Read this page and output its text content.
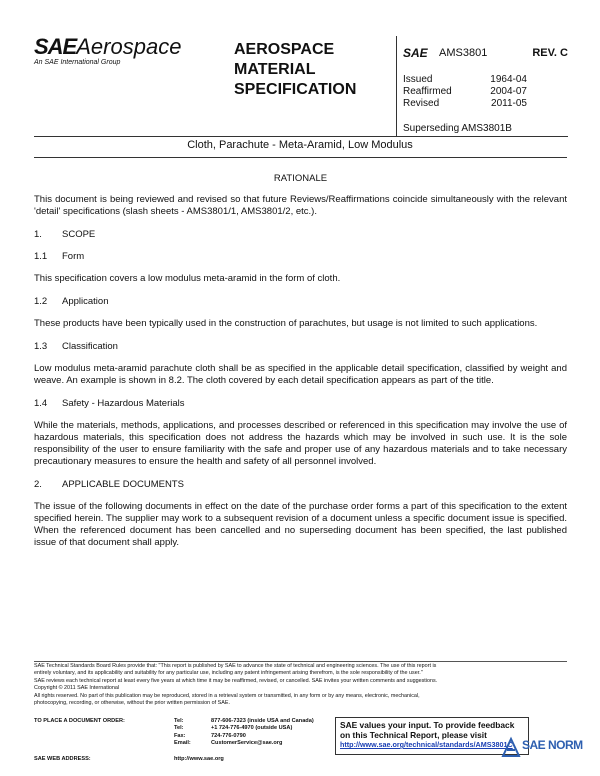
SAEAerospace
An SAE International Group
AEROSPACE
MATERIAL
SPECIFICATION
SAE AMS3801	REV. C
Issued	1964-04
Reaffirmed	2004-07
Revised	2011-05
Superseding AMS3801B
Cloth, Parachute - Meta-Aramid, Low Modulus
RATIONALE

This document is being reviewed and revised so that future Reviews/Reaffirmations coincide simultaneously with the relevant 'detail' specifications (slash sheets - AMS3801/1, AMS3801/2, etc.).

1.	SCOPE
1.1	Form

This specification covers a low modulus meta-aramid in the form of cloth.

1.2	Application

These products have been typically used in the construction of parachutes, but usage is not limited to such applications.

1.3	Classification

Low modulus meta-aramid parachute cloth shall be as specified in the applicable detail specification, classified by weight and weave. An example is shown in 8.2. The cloth covered by each detail specification appears as part of the title.

1.4	Safety - Hazardous Materials

While the materials, methods, applications, and processes described or referenced in this specification may involve the use of hazardous materials, this specification does not address the hazards which may be involved in such use. It is the sole responsibility of the user to ensure familiarity with the safe and proper use of any hazardous materials and to take necessary precautionary measures to ensure the health and safety of all personnel involved.

2.	APPLICABLE DOCUMENTS

The issue of the following documents in effect on the date of the purchase order forms a part of this specification to the extent specified herein. The supplier may work to a subsequent revision of a document unless a specific document issue is specified. When the referenced document has been cancelled and no superseding document has been specified, the last published issue of that document shall apply.

SAE Technical Standards Board Rules provide that: "This report is published by SAE to advance the state of technical and engineering sciences. The use of this report is
entirely voluntary, and its applicability and suitability for any particular use, including any patent infringement arising therefrom, is the sole responsibility of the user."
SAE reviews each technical report at least every five years at which time it may be reaffirmed, revised, or cancelled. SAE invites your written comments and suggestions.
Copyright © 2011 SAE International
All rights reserved. No part of this publication may be reproduced, stored in a retrieval system or transmitted, in any form or by any means, electronic, mechanical,
photocopying, recording, or otherwise, without the prior written permission of SAE.
TO PLACE A DOCUMENT ORDER:	Tel:	877-606-7323 (inside USA and Canada)
Tel:	+1 724-776-4970 (outside USA)
Fax:	724-776-0790
Email:	CustomerService@sae.org
SAE WEB ADDRESS:	http://www.sae.org
SAE values your input. To provide feedback
on this Technical Report, please visit
http://www.sae.org/technical/standards/AMS3801C SAE NORM
